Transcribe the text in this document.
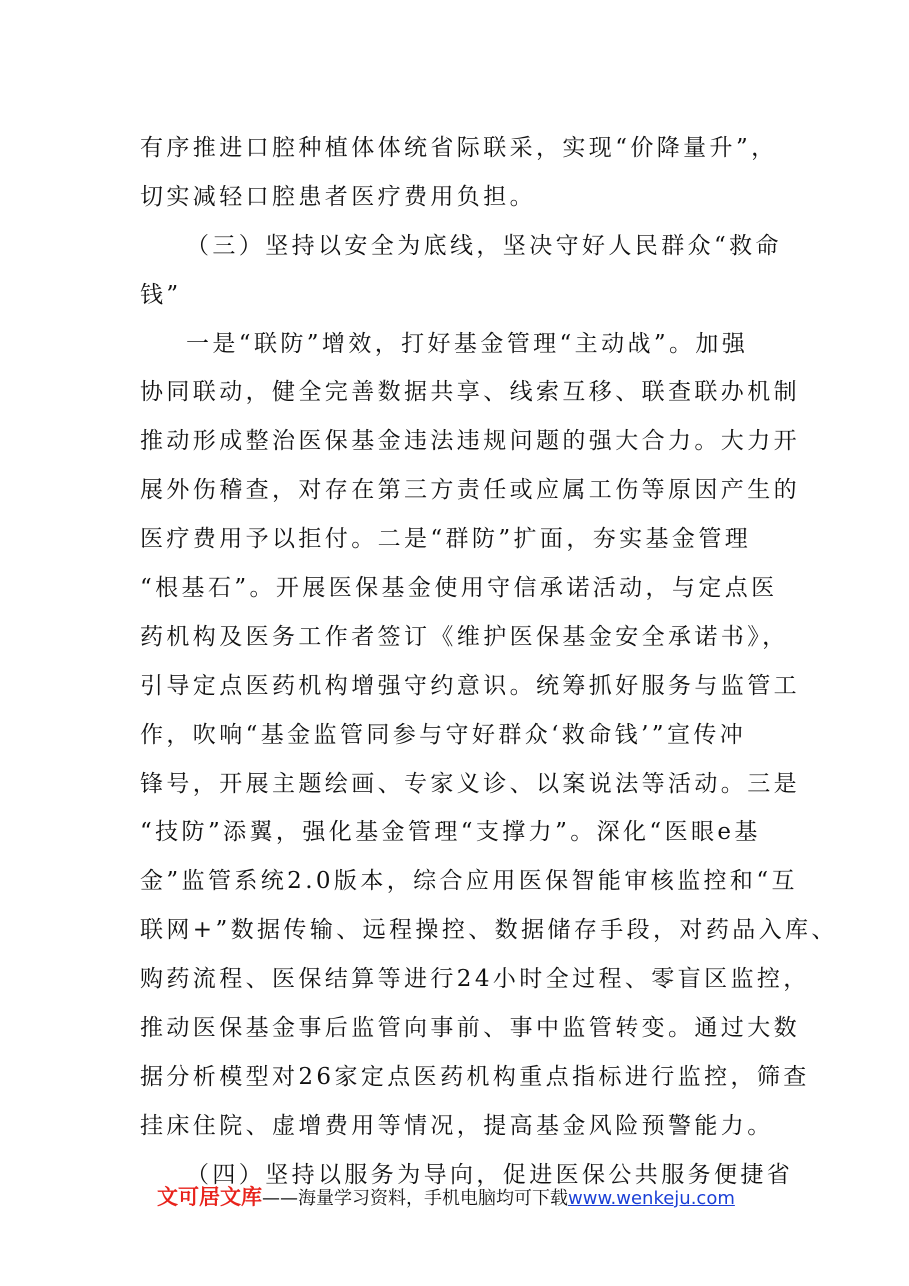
有序推进口腔种植体体统省际联采，实现“价降量升”，
切实减轻口腔患者医疗费用负担。
（三）坚持以安全为底线，坚决守好人民群众“救命
钱”
一是“联防”增效，打好基金管理“主动战”。加强
协同联动，健全完善数据共享、线索互移、联查联办机制
推动形成整治医保基金违法违规问题的强大合力。大力开
展外伤稽查，对存在第三方责任或应属工伤等原因产生的
医疗费用予以拒付。二是“群防”扩面，夯实基金管理
“根基石”。开展医保基金使用守信承诺活动，与定点医
药机构及医务工作者签订《维护医保基金安全承诺书》，
引导定点医药机构增强守约意识。统筹抓好服务与监管工
作，吹响“基金监管同参与守好群众‘救命钱’”宣传冲
锋号，开展主题绘画、专家义诊、以案说法等活动。三是
“技防”添翼，强化基金管理“支撑力”。深化“医眼e基
金”监管系统2.0版本，综合应用医保智能审核监控和“互
联网+”数据传输、远程操控、数据储存手段，对药品入库、
购药流程、医保结算等进行24小时全过程、零盲区监控，
推动医保基金事后监管向事前、事中监管转变。通过大数
据分析模型对26家定点医药机构重点指标进行监控，筛查
挂床住院、虚增费用等情况，提高基金风险预警能力。
（四）坚持以服务为导向，促进医保公共服务便捷省
文可居文库——海量学习资料，手机电脑均可下载www.wenkeju.com
